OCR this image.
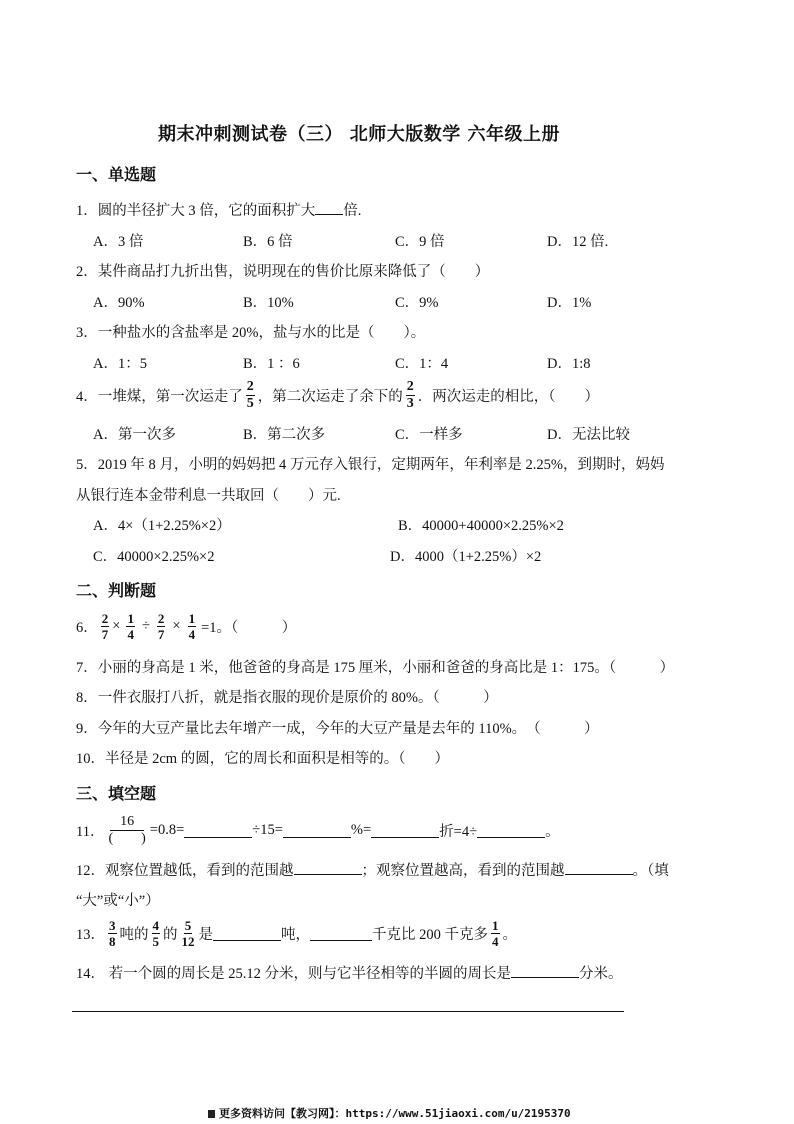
期末冲刺测试卷（三） 北师大版数学 六年级上册
一、单选题
1．圆的半径扩大 3 倍，它的面积扩大 倍.
A．3 倍	B．6 倍	C．9 倍	D．12 倍.
2．某件商品打九折出售，说明现在的售价比原来降低了（　　）
A．90%	B．10%	C．9%	D．1%
3．一种盐水的含盐率是 20%，盐与水的比是（　　）。
A．1：5	B．1 ：6	C．1：4	D．1:8
4．一堆煤，第一次运走了 $\frac{2}{5}$ ，第二次运走了余下的 $\frac{2}{3}$ ．两次运走的相比，（　　）
A．第一次多	B．第二次多	C．一样多	D．无法比较
5．2019 年 8 月，小明的妈妈把 4 万元存入银行，定期两年，年利率是 2.25%，到期时，妈妈
从银行连本金带利息一共取回（　　）元.
A．4×（1+2.25%×2）	B．40000+40000×2.25%×2
C．40000×2.25%×2	D．4000（1+2.25%）×2
二、判断题
6． $\frac{2}{7} \times \frac{1}{4} \div \frac{2}{7} \times \frac{1}{4} =1$。（　　　）
7．小丽的身高是 1 米，他爸爸的身高是 175 厘米，小丽和爸爸的身高比是 1：175。（　　　）
8．一件衣服打八折，就是指衣服的现价是原价的 80%。（　　　）
9．今年的大豆产量比去年增产一成，今年的大豆产量是去年的 110%。　（　　　）
10．半径是 2cm 的圆，它的周长和面积是相等的。（　　）
三、填空题
11． $\frac{16}{( )} =0.8=$	÷15=	%=	折=4÷	。
12．观察位置越低，看到的范围越	；观察位置越高，看到的范围越	。（填
“大”或“小”）
13． $\frac{3}{8}$ 吨的 $\frac{4}{5}$ 的 $\frac{5}{12}$ 是	吨，	千克比 200 千克多 $\frac{1}{4}$ 。
14． 若一个圆的周长是 25.12 分米，则与它半径相等的半圆的周长是	分米。
更多资料访问【教习网】：https://www.51jiaoxi.com/u/2195370
